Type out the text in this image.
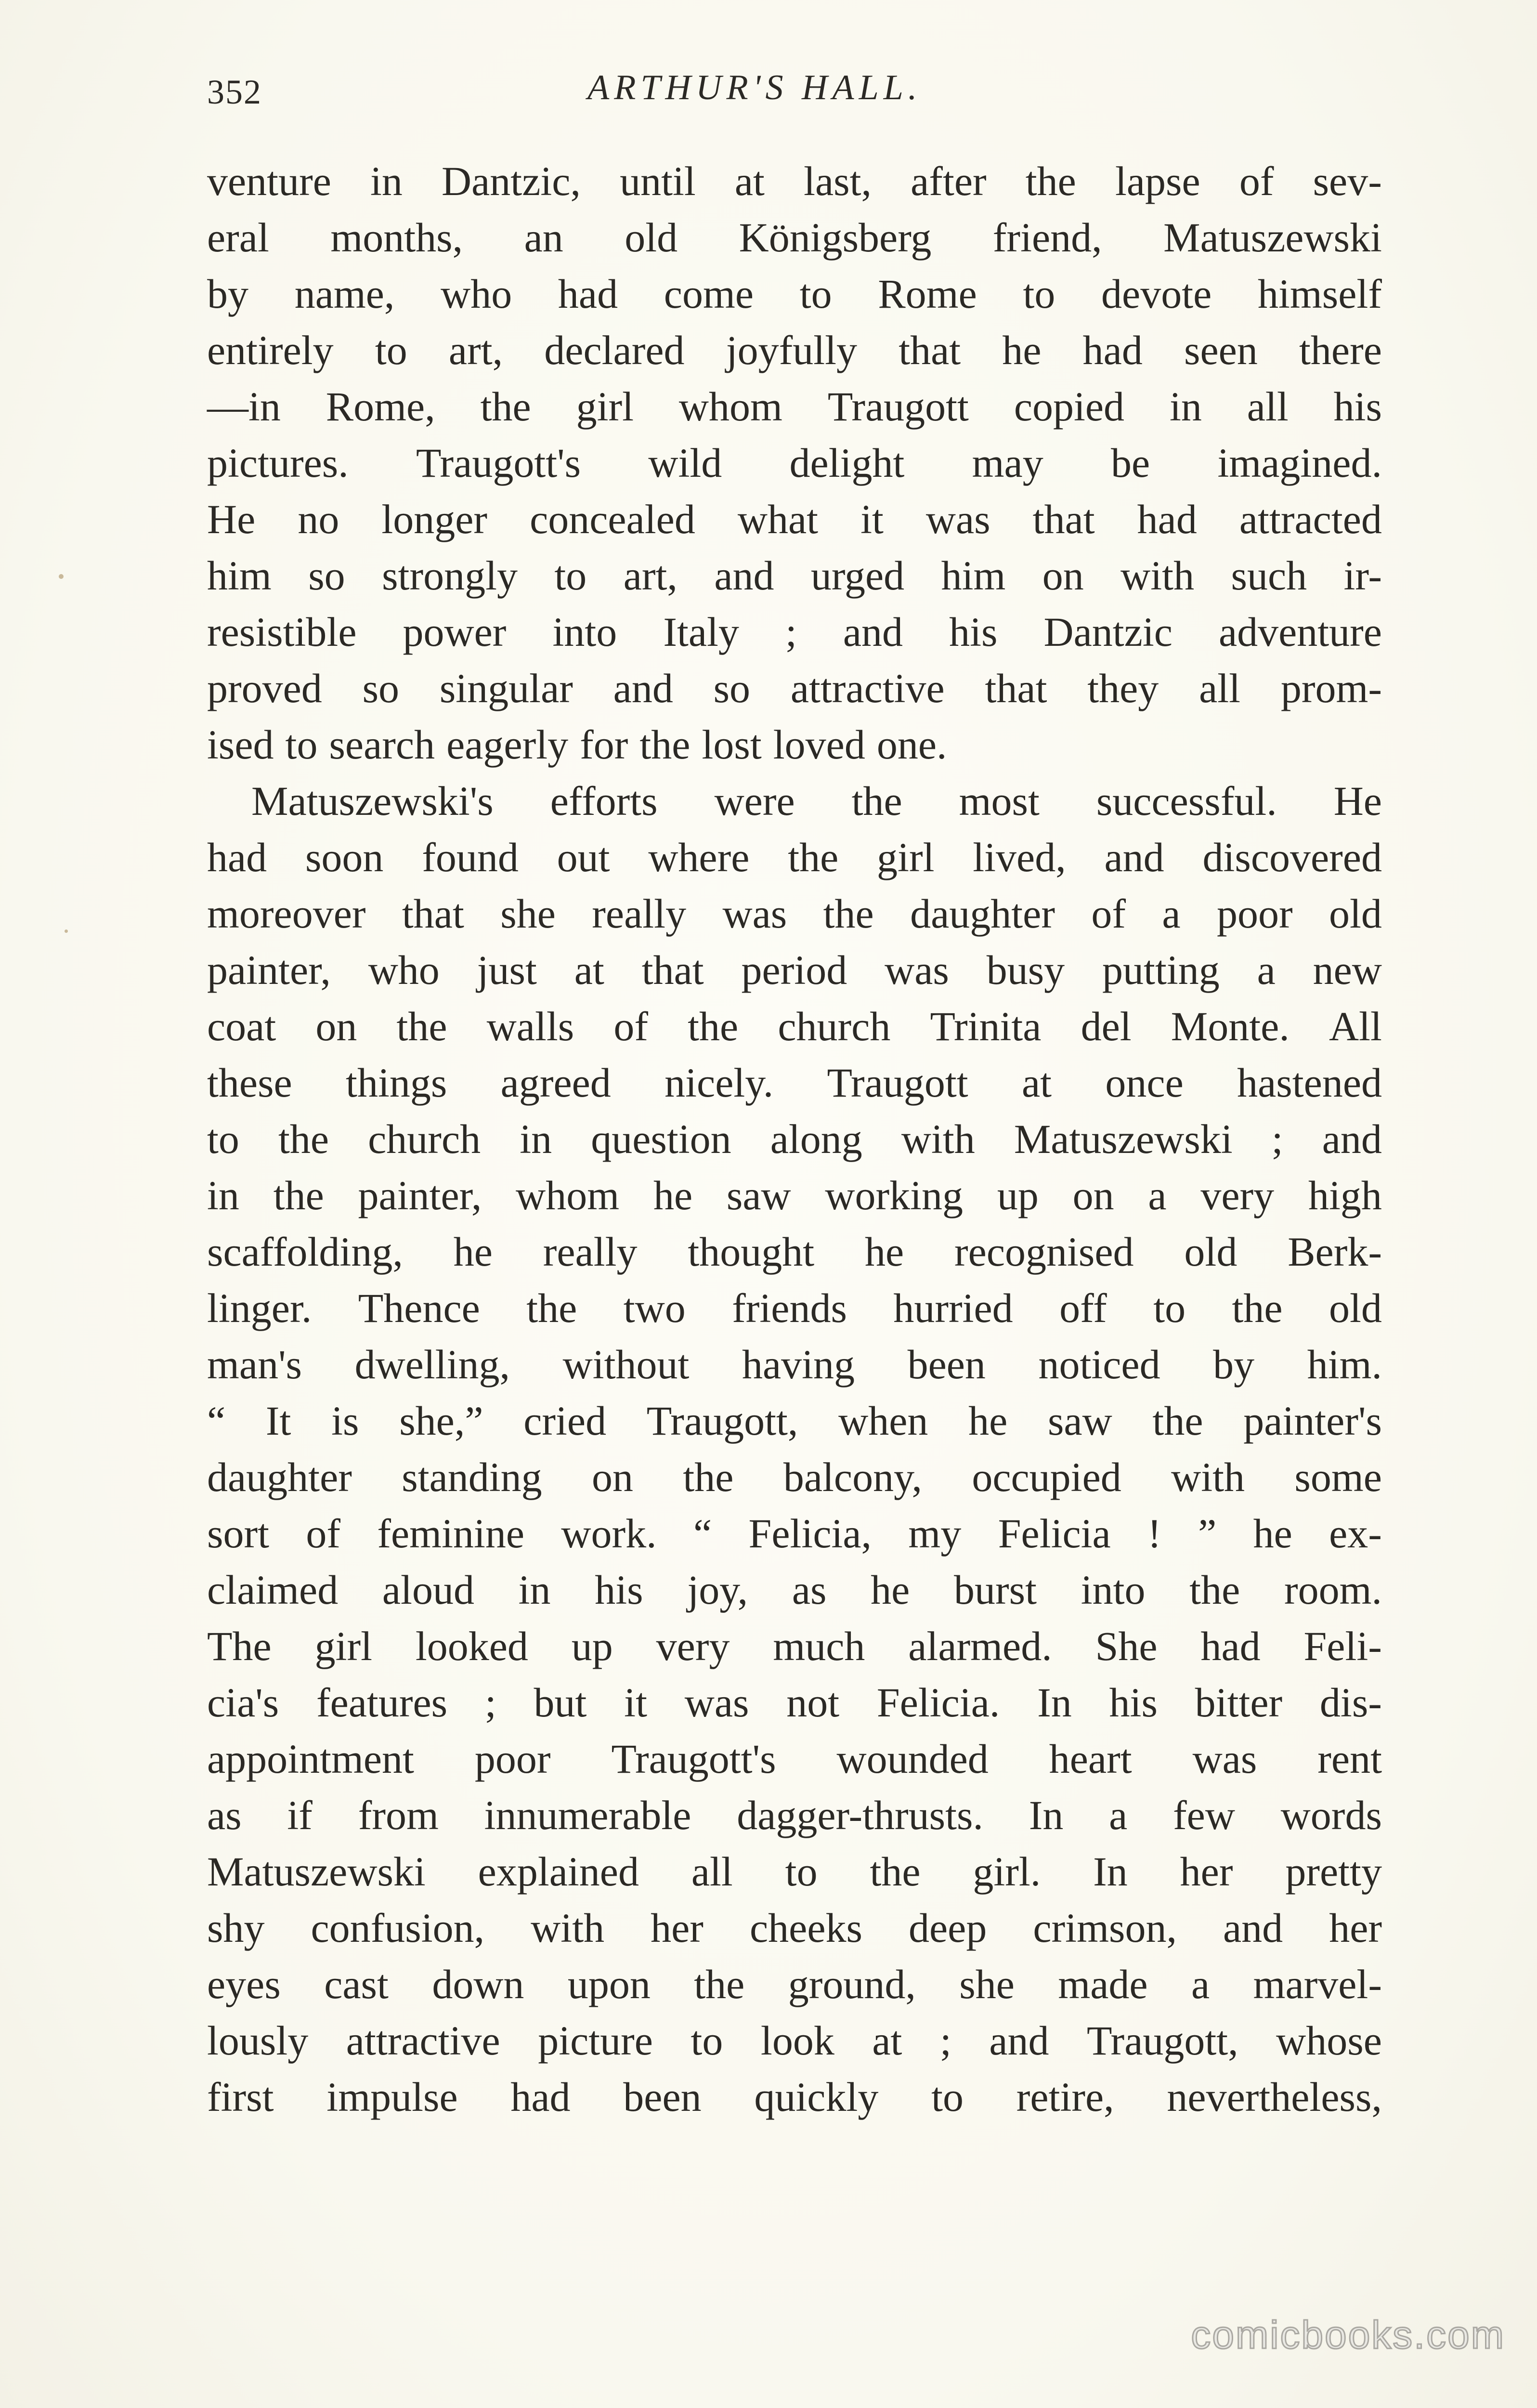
352	ARTHUR'S HALL.
venture in Dantzic, until at last, after the lapse of sev-
eral months, an old Königsberg friend, Matuszewski
by name, who had come to Rome to devote himself
entirely to art, declared joyfully that he had seen there
—in Rome, the girl whom Traugott copied in all his
pictures. Traugott's wild delight may be imagined.
He no longer concealed what it was that had attracted
him so strongly to art, and urged him on with such ir-
resistible power into Italy ; and his Dantzic adventure
proved so singular and so attractive that they all prom-
ised to search eagerly for the lost loved one.
Matuszewski's efforts were the most successful. He
had soon found out where the girl lived, and discovered
moreover that she really was the daughter of a poor old
painter, who just at that period was busy putting a new
coat on the walls of the church Trinita del Monte. All
these things agreed nicely. Traugott at once hastened
to the church in question along with Matuszewski ; and
in the painter, whom he saw working up on a very high
scaffolding, he really thought he recognised old Berk-
linger. Thence the two friends hurried off to the old
man's dwelling, without having been noticed by him.
“ It is she,” cried Traugott, when he saw the painter's
daughter standing on the balcony, occupied with some
sort of feminine work. “ Felicia, my Felicia ! ” he ex-
claimed aloud in his joy, as he burst into the room.
The girl looked up very much alarmed. She had Feli-
cia's features ; but it was not Felicia. In his bitter dis-
appointment poor Traugott's wounded heart was rent
as if from innumerable dagger-thrusts. In a few words
Matuszewski explained all to the girl. In her pretty
shy confusion, with her cheeks deep crimson, and her
eyes cast down upon the ground, she made a marvel-
lously attractive picture to look at ; and Traugott, whose
first impulse had been quickly to retire, nevertheless,
comicbooks.com
